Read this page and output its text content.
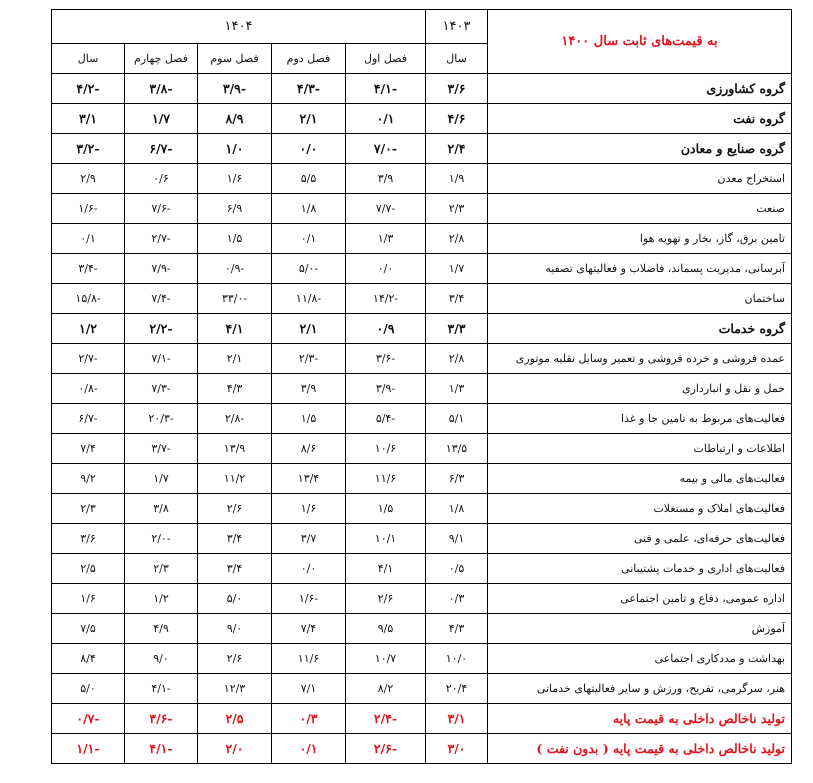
۱۴۰۴					۱۴۰۳	به قیمت‌های ثابت سال ۱۴۰۰
سال	فصل چهارم	فصل سوم	فصل دوم	فصل اول	سال	
-۴/۲	-۳/۸	-۳/۹	-۴/۳	-۴/۱	۳/۶	گروه کشاورزی
۳/۱	۱/۷	۸/۹	۲/۱	۰/۱	۴/۶	گروه نفت
-۳/۲	-۶/۷	۱/۰	۰/۰	-۷/۰	۲/۴	گروه صنایع و معادن
۲/۹	۰/۶	۱/۶	۵/۵	۳/۹	۱/۹	استخراج معدن
-۱/۶	-۷/۶	۶/۹	۱/۸	-۷/۷	۲/۳	صنعت
۰/۱	-۲/۷	۱/۵	۰/۱	۱/۳	۲/۸	تامین برق، گاز، بخار و تهویه هوا
-۳/۴	-۷/۹	-۰/۹	-۵/۰	۰/۰	۱/۷	آبرسانی، مدیریت پسماند، فاضلاب و فعالیتهای تصفیه
-۱۵/۸	-۷/۴	-۳۳/۰	-۱۱/۸	-۱۴/۲	۳/۴	ساختمان
۱/۲	-۲/۲	۴/۱	۲/۱	۰/۹	۳/۳	گروه خدمات
-۲/۷	-۷/۱	۲/۱	-۲/۳	-۳/۶	۲/۸	عمده فروشی و خرده فروشی و تعمیر وسایل نقلیه موتوری
-۰/۸	-۷/۳	۴/۳	۳/۹	-۳/۹	۱/۳	حمل و نقل و انبارداری
-۶/۷	-۲۰/۳	-۲/۸	۱/۵	-۵/۴	۵/۱	فعالیت‌های مربوط به تامین جا و غذا
۷/۴	-۳/۷	۱۳/۹	۸/۶	۱۰/۶	۱۳/۵	اطلاعات و ارتباطات
۹/۲	۱/۷	۱۱/۲	۱۳/۴	۱۱/۶	۶/۳	فعالیت‌های مالی و بیمه
۲/۳	۳/۸	۲/۶	۱/۶	۱/۵	۱/۸	فعالیت‌های املاک و مستغلات
۳/۶	-۲/۰	۳/۴	۳/۷	۱۰/۱	۹/۱	فعالیت‌های حرفه‌ای، علمی و فنی
۲/۵	۲/۳	۳/۴	۰/۰	۴/۱	۰/۵	فعالیت‌های اداری و خدمات پشتیبانی
۱/۶	۱/۲	۵/۰	-۱/۶	۲/۶	۰/۳	اداره عمومی، دفاع و تامین اجتماعی
۷/۵	۴/۹	۹/۰	۷/۴	۹/۵	۴/۳	آموزش
۸/۴	۹/۰	۲/۶	۱۱/۶	۱۰/۷	۱۰/۰	بهداشت و مددکاری اجتماعی
۵/۰	-۴/۱	۱۲/۳	۷/۱	۸/۲	۲۰/۴	هنر، سرگرمی، تفریح، ورزش و سایر فعالیتهای خدماتی
-۰/۷	-۳/۶	۲/۵	۰/۳	-۲/۴	۳/۱	تولید ناخالص داخلی به قیمت پایه
-۱/۱	-۴/۱	۲/۰	۰/۱	-۲/۶	۳/۰	تولید ناخالص داخلی به قیمت پایه ( بدون نفت )
